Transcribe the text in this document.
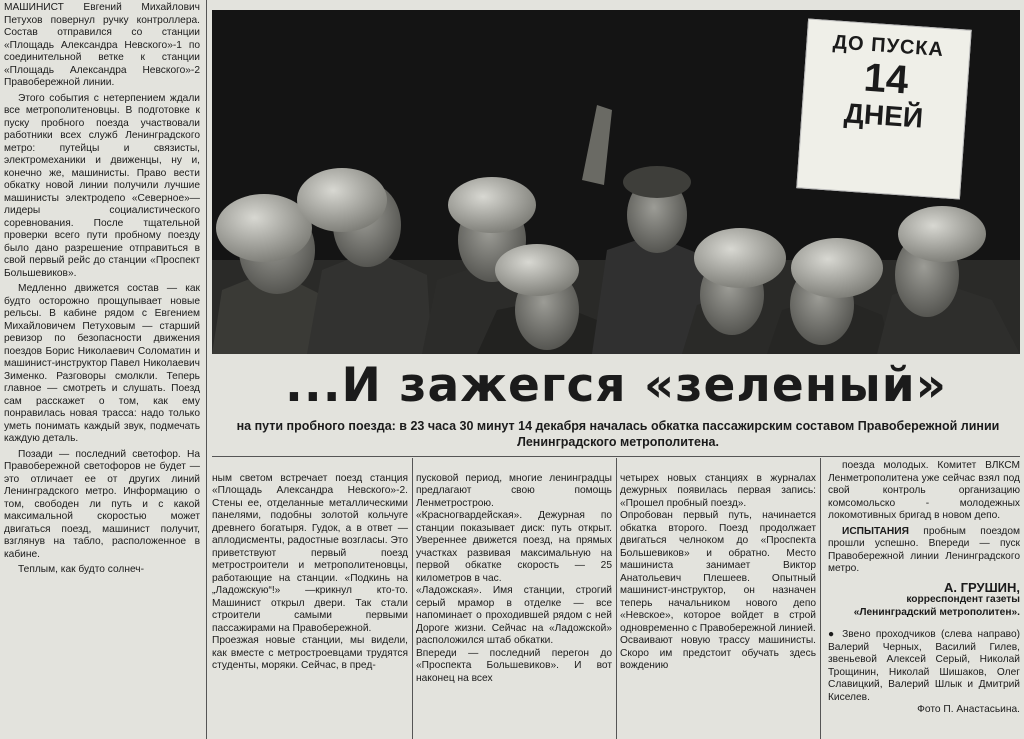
МАШИНИСТ Евгений Михайлович Петухов повернул ручку контроллера. Состав отправился со станции «Площадь Александра Невского»-1 по соединительной ветке к станции «Площадь Александра Невского»-2 Правобережной линии.

Этого события с нетерпением ждали все метрополитеновцы. В подготовке к пуску пробного поезда участвовали работники всех служб Ленинградского метро: путейцы и связисты, электромеханики и движенцы, ну и, конечно же, машинисты. Право вести обкатку новой линии получили лучшие машинисты электродепо «Северное»—лидеры социалистического соревнования. После тщательной проверки всего пути пробному поезду было дано разрешение отправиться в свой первый рейс до станции «Проспект Большевиков».

Медленно движется состав — как будто осторожно прощупывает новые рельсы. В кабине рядом с Евгением Михайловичем Петуховым — старший ревизор по безопасности движения поездов Борис Николаевич Соломатин и машинист-инструктор Павел Николаевич Зименко. Разговоры смолкли. Теперь главное — смотреть и слушать. Поезд сам расскажет о том, как ему понравилась новая трасса: надо только уметь понимать каждый звук, подмечать каждую деталь.

Позади — последний светофор. На Правобережной светофоров не будет — это отличает ее от других линий Ленинградского метро. Информацию о том, свободен ли путь и с какой максимальной скоростью может двигаться поезд, машинист получит, взглянув на табло, расположенное в кабине.

Теплым, как будто солнеч-

ДО ПУСКА
14
ДНЕЙ
...И зажегся «зеленый»
на пути пробного поезда: в 23 часа 30 минут 14 декабря началась обкатка пассажирским составом Правобережной линии Ленинградского метрополитена.

ным светом встречает поезд станция «Площадь Александра Невского»-2. Стены ее, отделанные металлическими панелями, подобны золотой кольчуге древнего богатыря. Гудок, а в ответ — аплодисменты, радостные возгласы. Это приветствуют первый поезд метростроители и метрополитеновцы, работающие на станции. «Подкинь на „Ладожскую“!» —крикнул кто-то. Машинист открыл двери. Так стали строители самыми первыми пассажирами на Правобережной.
Проезжая новые станции, мы видели, как вместе с метростроевцами трудятся студенты, моряки. Сейчас, в пред-

пусковой период, многие ленинградцы предлагают свою помощь Ленметрострою.
«Красногвардейская». Дежурная по станции показывает диск: путь открыт. Увереннее движется поезд, на прямых участках развивая максимальную на первой обкатке скорость — 25 километров в час.
«Ладожская». Имя станции, строгий серый мрамор в отделке — все напоминает о проходившей рядом с ней Дороге жизни. Сейчас на «Ладожской» расположился штаб обкатки.
Впереди — последний перегон до «Проспекта Большевиков». И вот наконец на всех

четырех новых станциях в журналах дежурных появилась первая запись: «Прошел пробный поезд».
Опробован первый путь, начинается обкатка второго. Поезд продолжает двигаться челноком до «Проспекта Большевиков» и обратно. Место машиниста занимает Виктор Анатольевич Плешеев. Опытный машинист-инструктор, он назначен теперь начальником нового депо «Невское», которое войдет в строй одновременно с Правобережной линией.
Осваивают новую трассу машинисты. Скоро им предстоит обучать здесь вождению

поезда молодых. Комитет ВЛКСМ Ленметрополитена уже сейчас взял под свой контроль организацию комсомольско - молодежных локомотивных бригад в новом депо.

ИСПЫТАНИЯ пробным поездом прошли успешно. Впереди — пуск Правобережной линии Ленинградского метро.

А. ГРУШИН,
корреспондент газеты «Ленинградский метрополитен».
● Звено проходчиков (слева направо) Валерий Черных, Василий Гилев, звеньевой Алексей Серый, Николай Трощинин, Николай Шишаков, Олег Славицкий, Валерий Шлык и Дмитрий Киселев.
Фото П. Анастасьина.
